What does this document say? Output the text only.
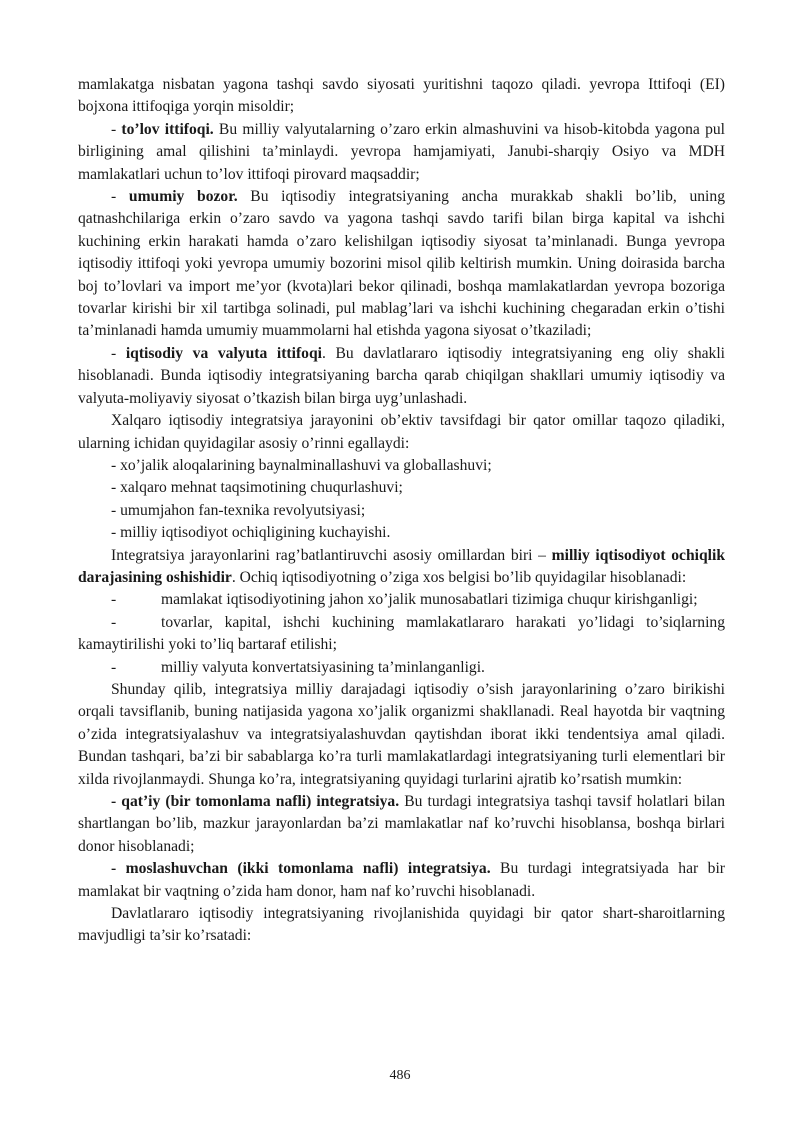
mamlakatga nisbatan yagona tashqi savdo siyosati yuritishni taqozo qiladi. yevropa Ittifoqi (EI) bojxona ittifoqiga yorqin misoldir;

- to’lov ittifoqi. Bu milliy valyutalarning o’zaro erkin almashuvini va hisob-kitobda yagona pul birligining amal qilishini ta’minlaydi. yevropa hamjamiyati, Janubi-sharqiy Osiyo va MDH mamlakatlari uchun to’lov ittifoqi pirovard maqsaddir;

- umumiy bozor. Bu iqtisodiy integratsiyaning ancha murakkab shakli bo’lib, uning qatnashchilariga erkin o’zaro savdo va yagona tashqi savdo tarifi bilan birga kapital va ishchi kuchining erkin harakati hamda o’zaro kelishilgan iqtisodiy siyosat ta’minlanadi. Bunga yevropa iqtisodiy ittifoqi yoki yevropa umumiy bozorini misol qilib keltirish mumkin. Uning doirasida barcha boj to’lovlari va import me’yor (kvota)lari bekor qilinadi, boshqa mamlakatlardan yevropa bozoriga tovarlar kirishi bir xil tartibga solinadi, pul mablag’lari va ishchi kuchining chegaradan erkin o’tishi ta’minlanadi hamda umumiy muammolarni hal etishda yagona siyosat o’tkaziladi;

- iqtisodiy va valyuta ittifoqi. Bu davlatlararo iqtisodiy integratsiyaning eng oliy shakli hisoblanadi. Bunda iqtisodiy integratsiyaning barcha qarab chiqilgan shakllari umumiy iqtisodiy va valyuta-moliyaviy siyosat o’tkazish bilan birga uyg’unlashadi.

Xalqaro iqtisodiy integratsiya jarayonini ob’ektiv tavsifdagi bir qator omillar taqozo qiladiki, ularning ichidan quyidagilar asosiy o’rinni egallaydi:

- xo’jalik aloqalarining baynalminallashuvi va globallashuvi;

- xalqaro mehnat taqsimotining chuqurlashuvi;

- umumjahon fan-texnika revolyutsiyasi;

- milliy iqtisodiyot ochiqligining kuchayishi.

Integratsiya jarayonlarini rag’batlantiruvchi asosiy omillardan biri – milliy iqtisodiyot ochiqlik darajasining oshishidir. Ochiq iqtisodiyotning o’ziga xos belgisi bo’lib quyidagilar hisoblanadi:

-	mamlakat iqtisodiyotining jahon xo’jalik munosabatlari tizimiga chuqur kirishganligi;

-	tovarlar, kapital, ishchi kuchining mamlakatlararo harakati yo’lidagi to’siqlarning kamaytirilishi yoki to’liq bartaraf etilishi;

-	milliy valyuta konvertatsiyasining ta’minlanganligi.

Shunday qilib, integratsiya milliy darajadagi iqtisodiy o’sish jarayonlarining o’zaro birikishi orqali tavsiflanib, buning natijasida yagona xo’jalik organizmi shakllanadi. Real hayotda bir vaqtning o’zida integratsiyalashuv va integratsiyalashuvdan qaytishdan iborat ikki tendentsiya amal qiladi. Bundan tashqari, ba’zi bir sabablarga ko’ra turli mamlakatlardagi integratsiyaning turli elementlari bir xilda rivojlanmaydi. Shunga ko’ra, integratsiyaning quyidagi turlarini ajratib ko’rsatish mumkin:

- qat’iy (bir tomonlama nafli) integratsiya. Bu turdagi integratsiya tashqi tavsif holatlari bilan shartlangan bo’lib, mazkur jarayonlardan ba’zi mamlakatlar naf ko’ruvchi hisoblansa, boshqa birlari donor hisoblanadi;

- moslashuvchan (ikki tomonlama nafli) integratsiya. Bu turdagi integratsiyada har bir mamlakat bir vaqtning o’zida ham donor, ham naf ko’ruvchi hisoblanadi.

Davlatlararo iqtisodiy integratsiyaning rivojlanishida quyidagi bir qator shart-sharoitlarning mavjudligi ta’sir ko’rsatadi:

486
